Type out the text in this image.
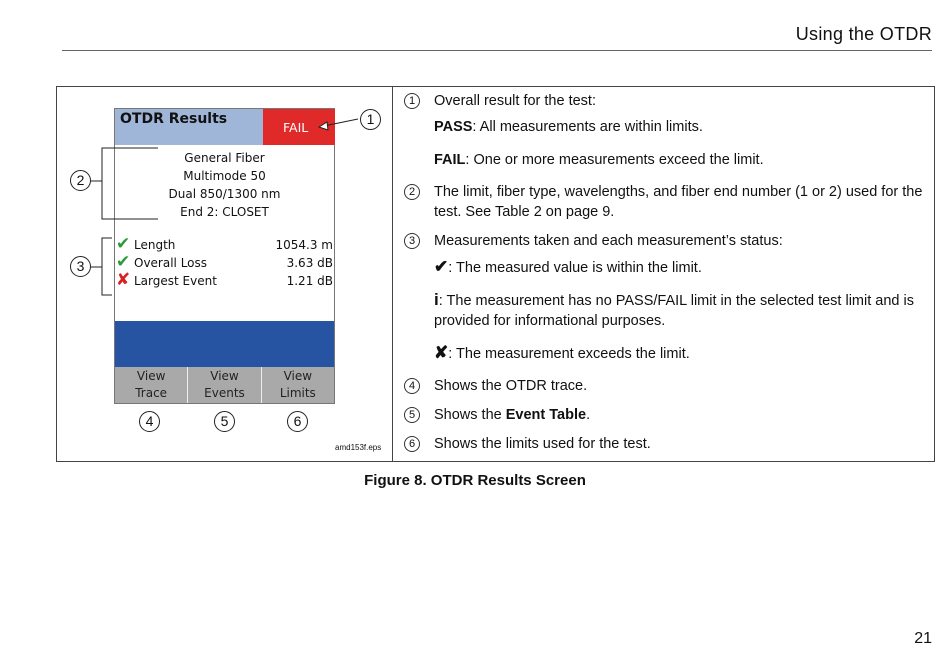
Using the OTDR
OTDR Results
FAIL
General Fiber
Multimode 50
Dual 850/1300 nm
End 2: CLOSET
✔ Length	1054.3 m
✔ Overall Loss	3.63 dB
✘ Largest Event	1.21 dB
View
Trace
View
Events
View
Limits
1
2
3
4	5	6
amd153f.eps
1	Overall result for the test:
PASS: All measurements are within limits.
FAIL: One or more measurements exceed the limit.
2	The limit, fiber type, wavelengths, and fiber end number (1 or 2) used for the test. See Table 2 on page 9.
3	Measurements taken and each measurement’s status:
✔: The measured value is within the limit.
i: The measurement has no PASS/FAIL limit in the selected test limit and is provided for informational purposes.
✘: The measurement exceeds the limit.
4	Shows the OTDR trace.
5	Shows the Event Table.
6	Shows the limits used for the test.
Figure 8. OTDR Results Screen
21
